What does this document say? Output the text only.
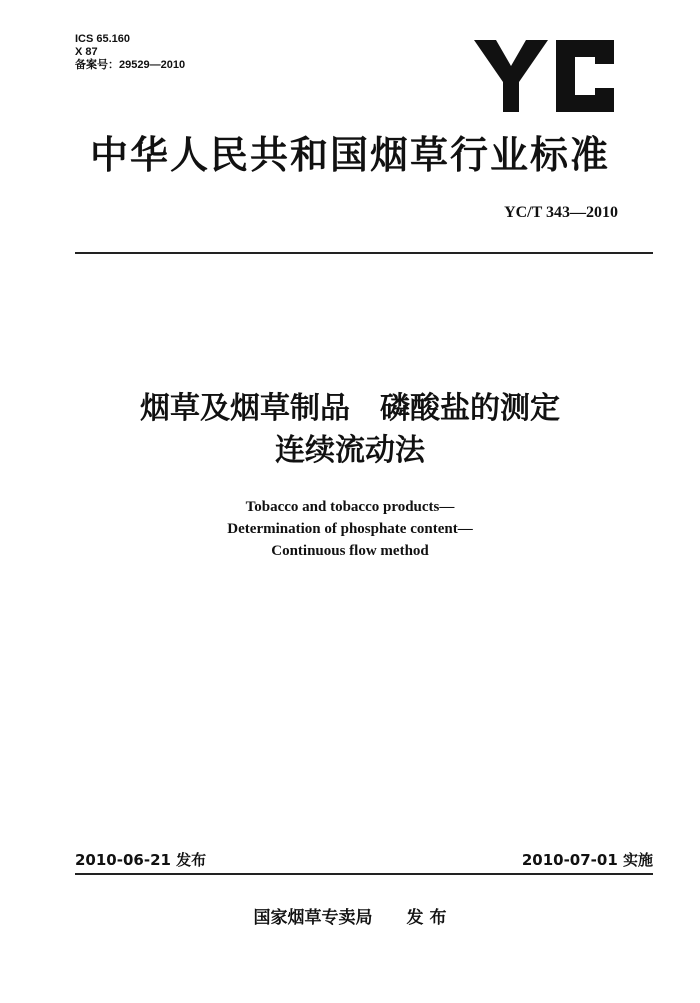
ICS 65.160
X 87
备案号：29529—2010
中华人民共和国烟草行业标准
YC/T 343—2010
烟草及烟草制品　磷酸盐的测定
连续流动法
Tobacco and tobacco products—
Determination of phosphate content—
Continuous flow method
2010-06-21 发布	2010-07-01 实施
国家烟草专卖局　　发 布
